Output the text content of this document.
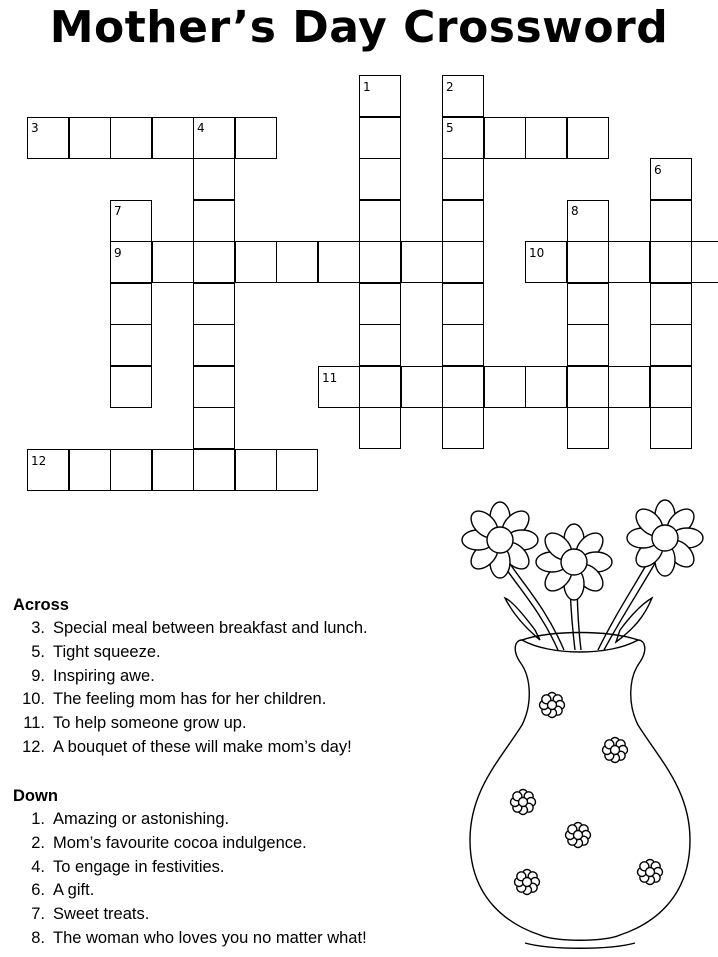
Mother’s Day Crossword
1	2
3	4	5
6
7	8
9	10
11
12
Across
3. Special meal between breakfast and lunch.
5. Tight squeeze.
9. Inspiring awe.
10. The feeling mom has for her children.
11. To help someone grow up.
12. A bouquet of these will make mom’s day!
Down
1. Amazing or astonishing.
2. Mom’s favourite cocoa indulgence.
4. To engage in festivities.
6. A gift.
7. Sweet treats.
8. The woman who loves you no matter what!
